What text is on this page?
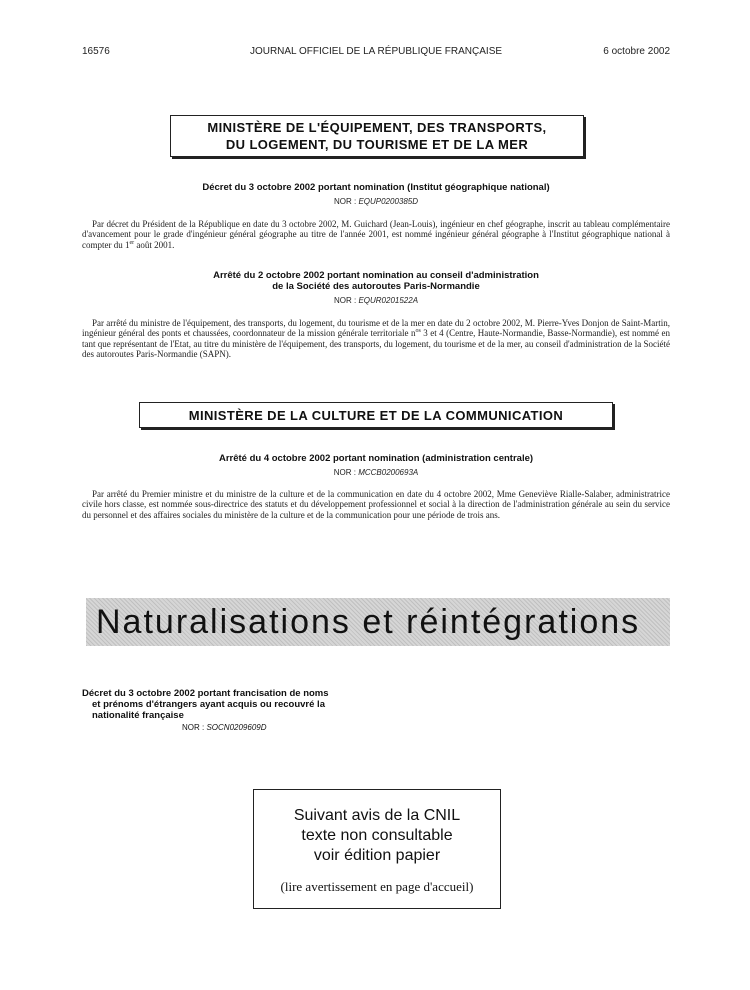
16576	JOURNAL OFFICIEL DE LA RÉPUBLIQUE FRANÇAISE	6 octobre 2002
MINISTÈRE DE L'ÉQUIPEMENT, DES TRANSPORTS,
DU LOGEMENT, DU TOURISME ET DE LA MER
Décret du 3 octobre 2002 portant nomination (Institut géographique national)
NOR : EQUP0200385D
Par décret du Président de la République en date du 3 octobre 2002, M. Guichard (Jean-Louis), ingénieur en chef géographe, inscrit au tableau complémentaire d'avancement pour le grade d'ingénieur général géographe au titre de l'année 2001, est nommé ingénieur général géographe à l'Institut géographique national à compter du 1er août 2001.
Arrêté du 2 octobre 2002 portant nomination au conseil d'administration
de la Société des autoroutes Paris-Normandie
NOR : EQUR0201522A
Par arrêté du ministre de l'équipement, des transports, du logement, du tourisme et de la mer en date du 2 octobre 2002, M. Pierre-Yves Donjon de Saint-Martin, ingénieur général des ponts et chaussées, coordonnateur de la mission générale territoriale $n^{os}$ 3 et 4 (Centre, Haute-Normandie, Basse-Normandie), est nommé en tant que représentant de l'Etat, au titre du ministère de l'équipement, des transports, du logement, du tourisme et de la mer, au conseil d'administration de la Société des autoroutes Paris-Normandie (SAPN).
MINISTÈRE DE LA CULTURE ET DE LA COMMUNICATION
Arrêté du 4 octobre 2002 portant nomination (administration centrale)
NOR : MCCB0200693A
Par arrêté du Premier ministre et du ministre de la culture et de la communication en date du 4 octobre 2002, Mme Geneviève Rialle-Salaber, administratrice civile hors classe, est nommée sous-directrice des statuts et du développement professionnel et social à la direction de l'administration générale au sein du service du personnel et des affaires sociales du ministère de la culture et de la communication pour une période de trois ans.
Naturalisations et réintégrations
Décret du 3 octobre 2002 portant francisation de noms
et prénoms d'étrangers ayant acquis ou recouvré la
nationalité française
NOR : SOCN0209609D
Suivant avis de la CNIL
texte non consultable
voir édition papier
(lire avertissement en page d'accueil)
